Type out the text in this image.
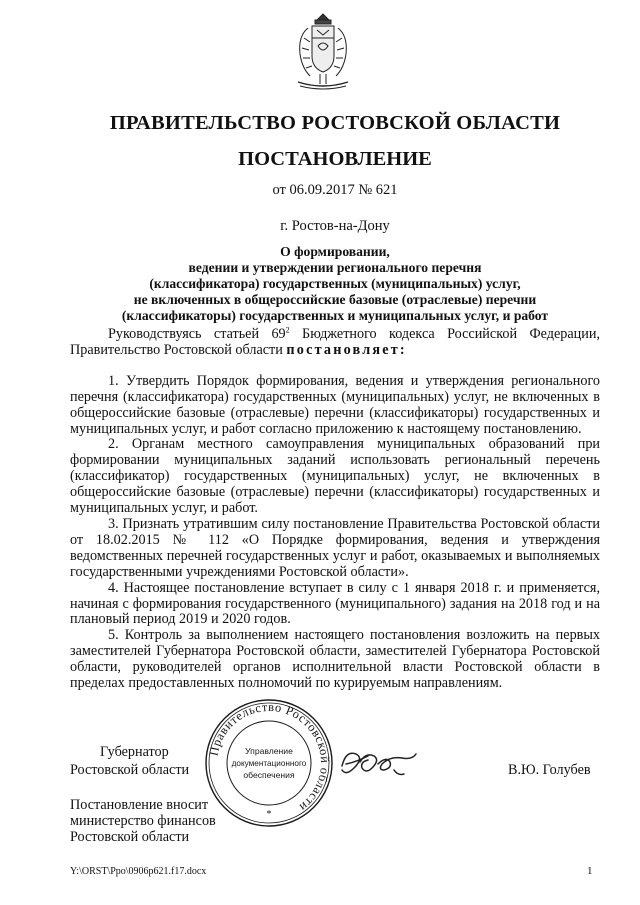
ПРАВИТЕЛЬСТВО РОСТОВСКОЙ ОБЛАСТИ
ПОСТАНОВЛЕНИЕ
от 06.09.2017 № 621
г. Ростов-на-Дону
О формировании,
ведении и утверждении регионального перечня
(классификатора) государственных (муниципальных) услуг,
не включенных в общероссийские базовые (отраслевые) перечни
(классификаторы) государственных и муниципальных услуг, и работ

Руководствуясь статьей $69^2$ Бюджетного кодекса Российской Федерации, Правительство Ростовской области постановляет:

1. Утвердить Порядок формирования, ведения и утверждения регионального перечня (классификатора) государственных (муниципальных) услуг, не включенных в общероссийские базовые (отраслевые) перечни (классификаторы) государственных и муниципальных услуг, и работ согласно приложению к настоящему постановлению.

2. Органам местного самоуправления муниципальных образований при формировании муниципальных заданий использовать региональный перечень (классификатор) государственных (муниципальных) услуг, не включенных в общероссийские базовые (отраслевые) перечни (классификаторы) государственных и муниципальных услуг, и работ.

3. Признать утратившим силу постановление Правительства Ростовской области от 18.02.2015 № 112 «О Порядке формирования, ведения и утверждения ведомственных перечней государственных услуг и работ, оказываемых и выполняемых государственными учреждениями Ростовской области».

4. Настоящее постановление вступает в силу с 1 января 2018 г. и применяется, начиная с формирования государственного (муниципального) задания на 2018 год и на плановый период 2019 и 2020 годов.

5. Контроль за выполнением настоящего постановления возложить на первых заместителей Губернатора Ростовской области, заместителей Губернатора Ростовской области, руководителей органов исполнительной власти Ростовской области в пределах предоставленных полномочий по курируемым направлениям.

Губернатор
Ростовской области
Правительство Ростовской области
Управление
документационного
обеспечения
*
В.Ю. Голубев
Постановление вносит
министерство финансов
Ростовской области
Y:\ORST\Ppo\0906p621.f17.docx	1
